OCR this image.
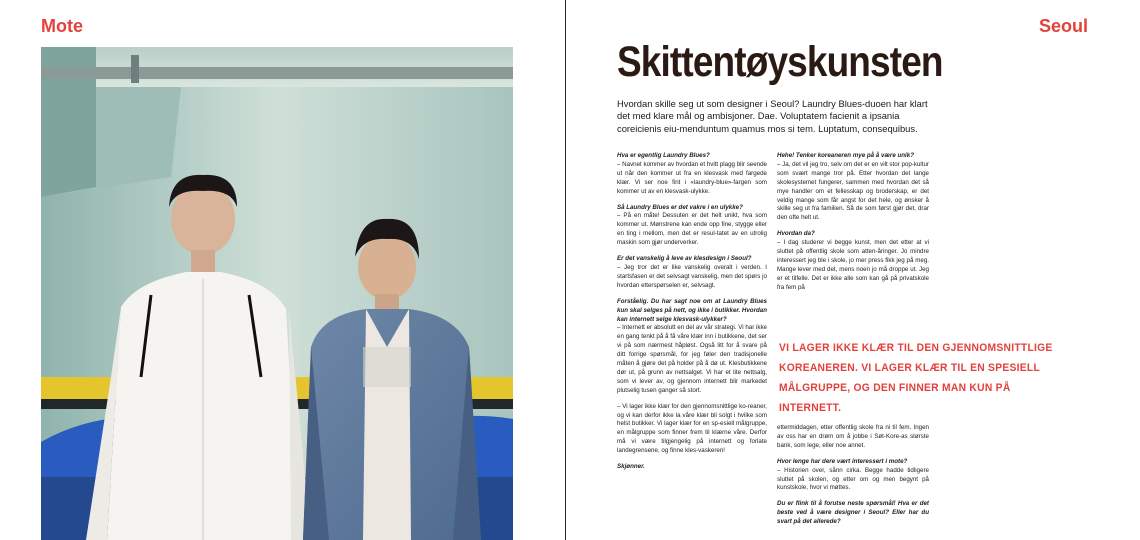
Mote	Seoul
Skittentøyskunsten
Hvordan skille seg ut som designer i Seoul? Laundry Blues-duoen har klart det med klare mål og ambisjoner. Dae. Voluptatem facienit a ipsania coreicienis eiu-menduntum quamus mos si tem. Luptatum, consequibus.

Hva er egentlig Laundry Blues?
– Navnet kommer av hvordan et hvitt plagg blir seende ut når den kommer ut fra en klesvask med fargede klær. Vi ser noe fint i «laundry-blue»-fargen som kommer ut av en klesvask-ulykke.

Så Laundry Blues er det vakre i en ulykke?
– På en måte! Dessuten er det helt unikt, hva som kommer ut. Mønstrene kan ende opp fine, stygge eller en ting i mellom, men det er resul-tatet av en utrolig maskin som gjør underverker.

Er det vanskelig å leve av klesdesign i Seoul?
– Jeg tror det er like vanskelig overalt i verden. I startsfasen er det selvsagt vanskelig, men det spørs jo hvordan etterspørselen er, selvsagt.

Forståelig. Du har sagt noe om at Laundry Blues kun skal selges på nett, og ikke i butikker. Hvordan kan internett selge klesvask-ulykker?
– Internett er absolutt en del av vår strategi. Vi har ikke en gang tenkt på å få våre klær inn i butikkene, det ser vi på som nærmest håpløst. Også litt for å svare på ditt forrige spørsmål, for jeg føler den tradisjonelle måten å gjøre det på holder på å dø ut. Klesbutikkene dør ut, på grunn av nettsalget. Vi har et lite nettsalg, som vi lever av, og gjennom internett blir markedet plutselig tusen ganger så stort.

– Vi lager ikke klær for den gjennomsnittlige ko-reaner, og vi kan derfor ikke la våre klær bli solgt i hvilke som helst butikker. Vi lager klær for en sp-esiell målgruppe, en målgruppe som finner frem til klærne våre. Derfor må vi være tilgjengelig på internett og forlate landegrensene, og finne kles-vaskeren!

Skjønner.

Hehe! Tenker koreaneren mye på å være unik?
– Ja, det vil jeg tro, selv om det er en vilt stor pop-kultur som svært mange tror på. Etter hvordan det lange skolesystemet fungerer, sammen med hvordan det så mye handler om et fellesskap og broderskap, er det veldig mange som får angst for det hele, og ønsker å skille seg ut fra familien. Så de som først gjør det, drar den ofte helt ut.

Hvordan da?
– I dag studerer vi begge kunst, men det etter at vi sluttet på offentlig skole som atten-åringer. Jo mindre interessert jeg ble i skole, jo mer press fikk jeg på meg. Mange lever med det, mens noen jo må droppe ut. Jeg er et tilfelle. Det er ikke alle som kan gå på privatskole fra fem på

VI LAGER IKKE KLÆR TIL DEN GJENNOMSNITTLIGE KOREANEREN. VI LAGER KLÆR TIL EN SPESIELL MÅLGRUPPE, OG DEN FINNER MAN KUN PÅ INTERNETT.

ettermiddagen, etter offentlig skole fra ni til fem. Ingen av oss har en drøm om å jobbe i Søt-Kore-as største bank, som lege, eller noe annet.

Hvor lenge har dere vært interessert i mote?
– Historien over, sånn cirka. Begge hadde tidligere sluttet på skolen, og etter om og men begynt på kunstskole, hvor vi møttes.

Du er flink til å forutse neste spørsmål! Hva er det beste ved å være designer i Seoul? Eller har du svart på det allerede?
